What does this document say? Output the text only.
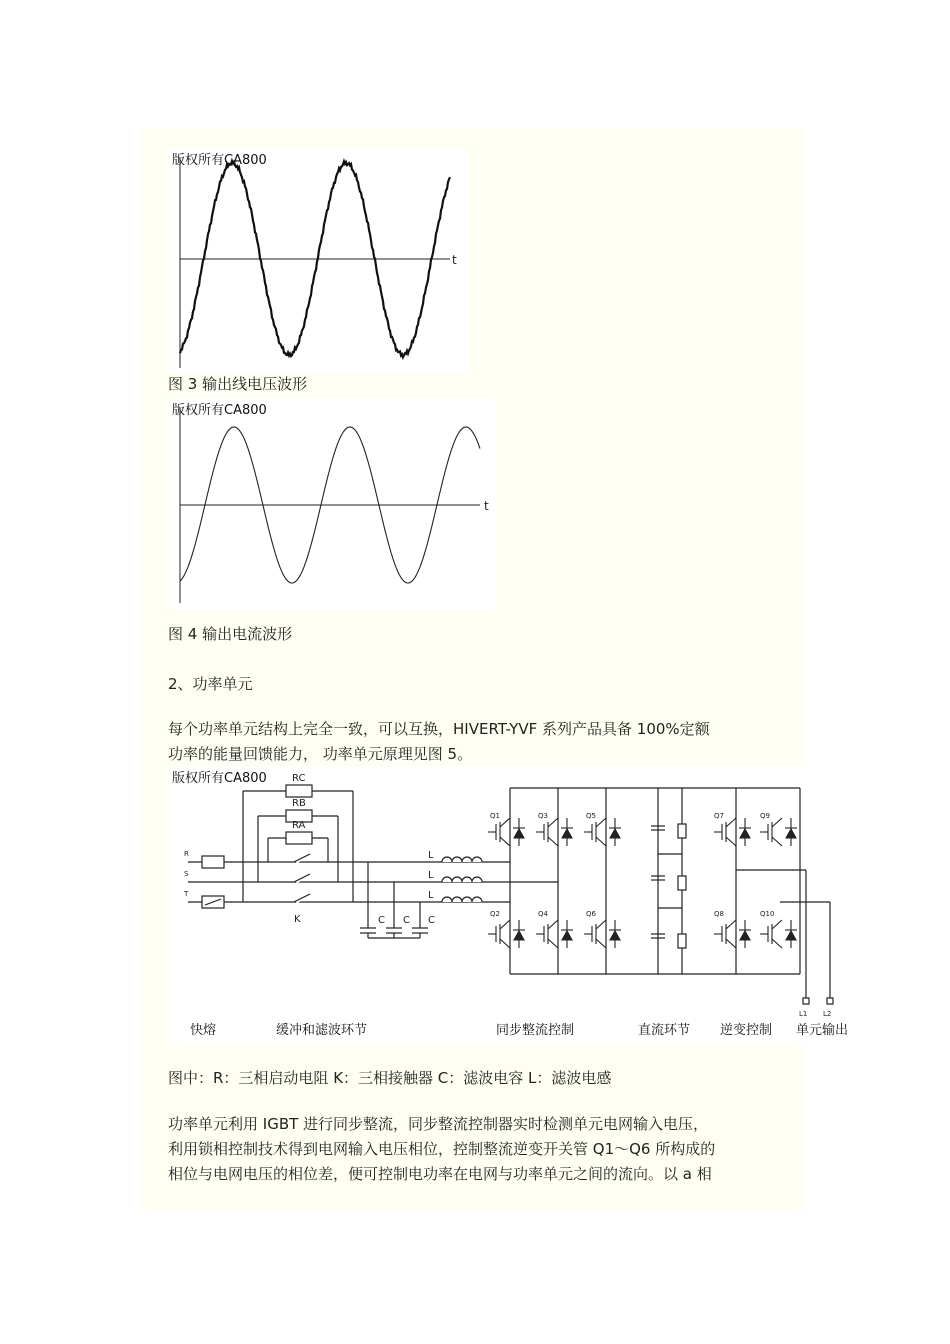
版权所有CA800
t
图 3 输出线电压波形
版权所有CA800
t
图 4 输出电流波形
2、功率单元
每个功率单元结构上完全一致，可以互换，HIVERT-YVF 系列产品具备 100%定额
功率的能量回馈能力， 功率单元原理见图 5。
版权所有CA800
R
S
T
RC
RB
RA
K
L
L
L
C C C
Q1	Q3	Q5	Q7	Q9
Q2	Q4	Q6	Q8	Q10
L1 L2
快熔	缓冲和滤波环节	同步整流控制	直流环节 逆变控制 单元输出
图中：R：三相启动电阻 K：三相接触器 C：滤波电容 L：滤波电感
功率单元利用 IGBT 进行同步整流，同步整流控制器实时检测单元电网输入电压，
利用锁相控制技术得到电网输入电压相位，控制整流逆变开关管 Q1～Q6 所构成的
相位与电网电压的相位差，便可控制电功率在电网与功率单元之间的流向。以 a 相
